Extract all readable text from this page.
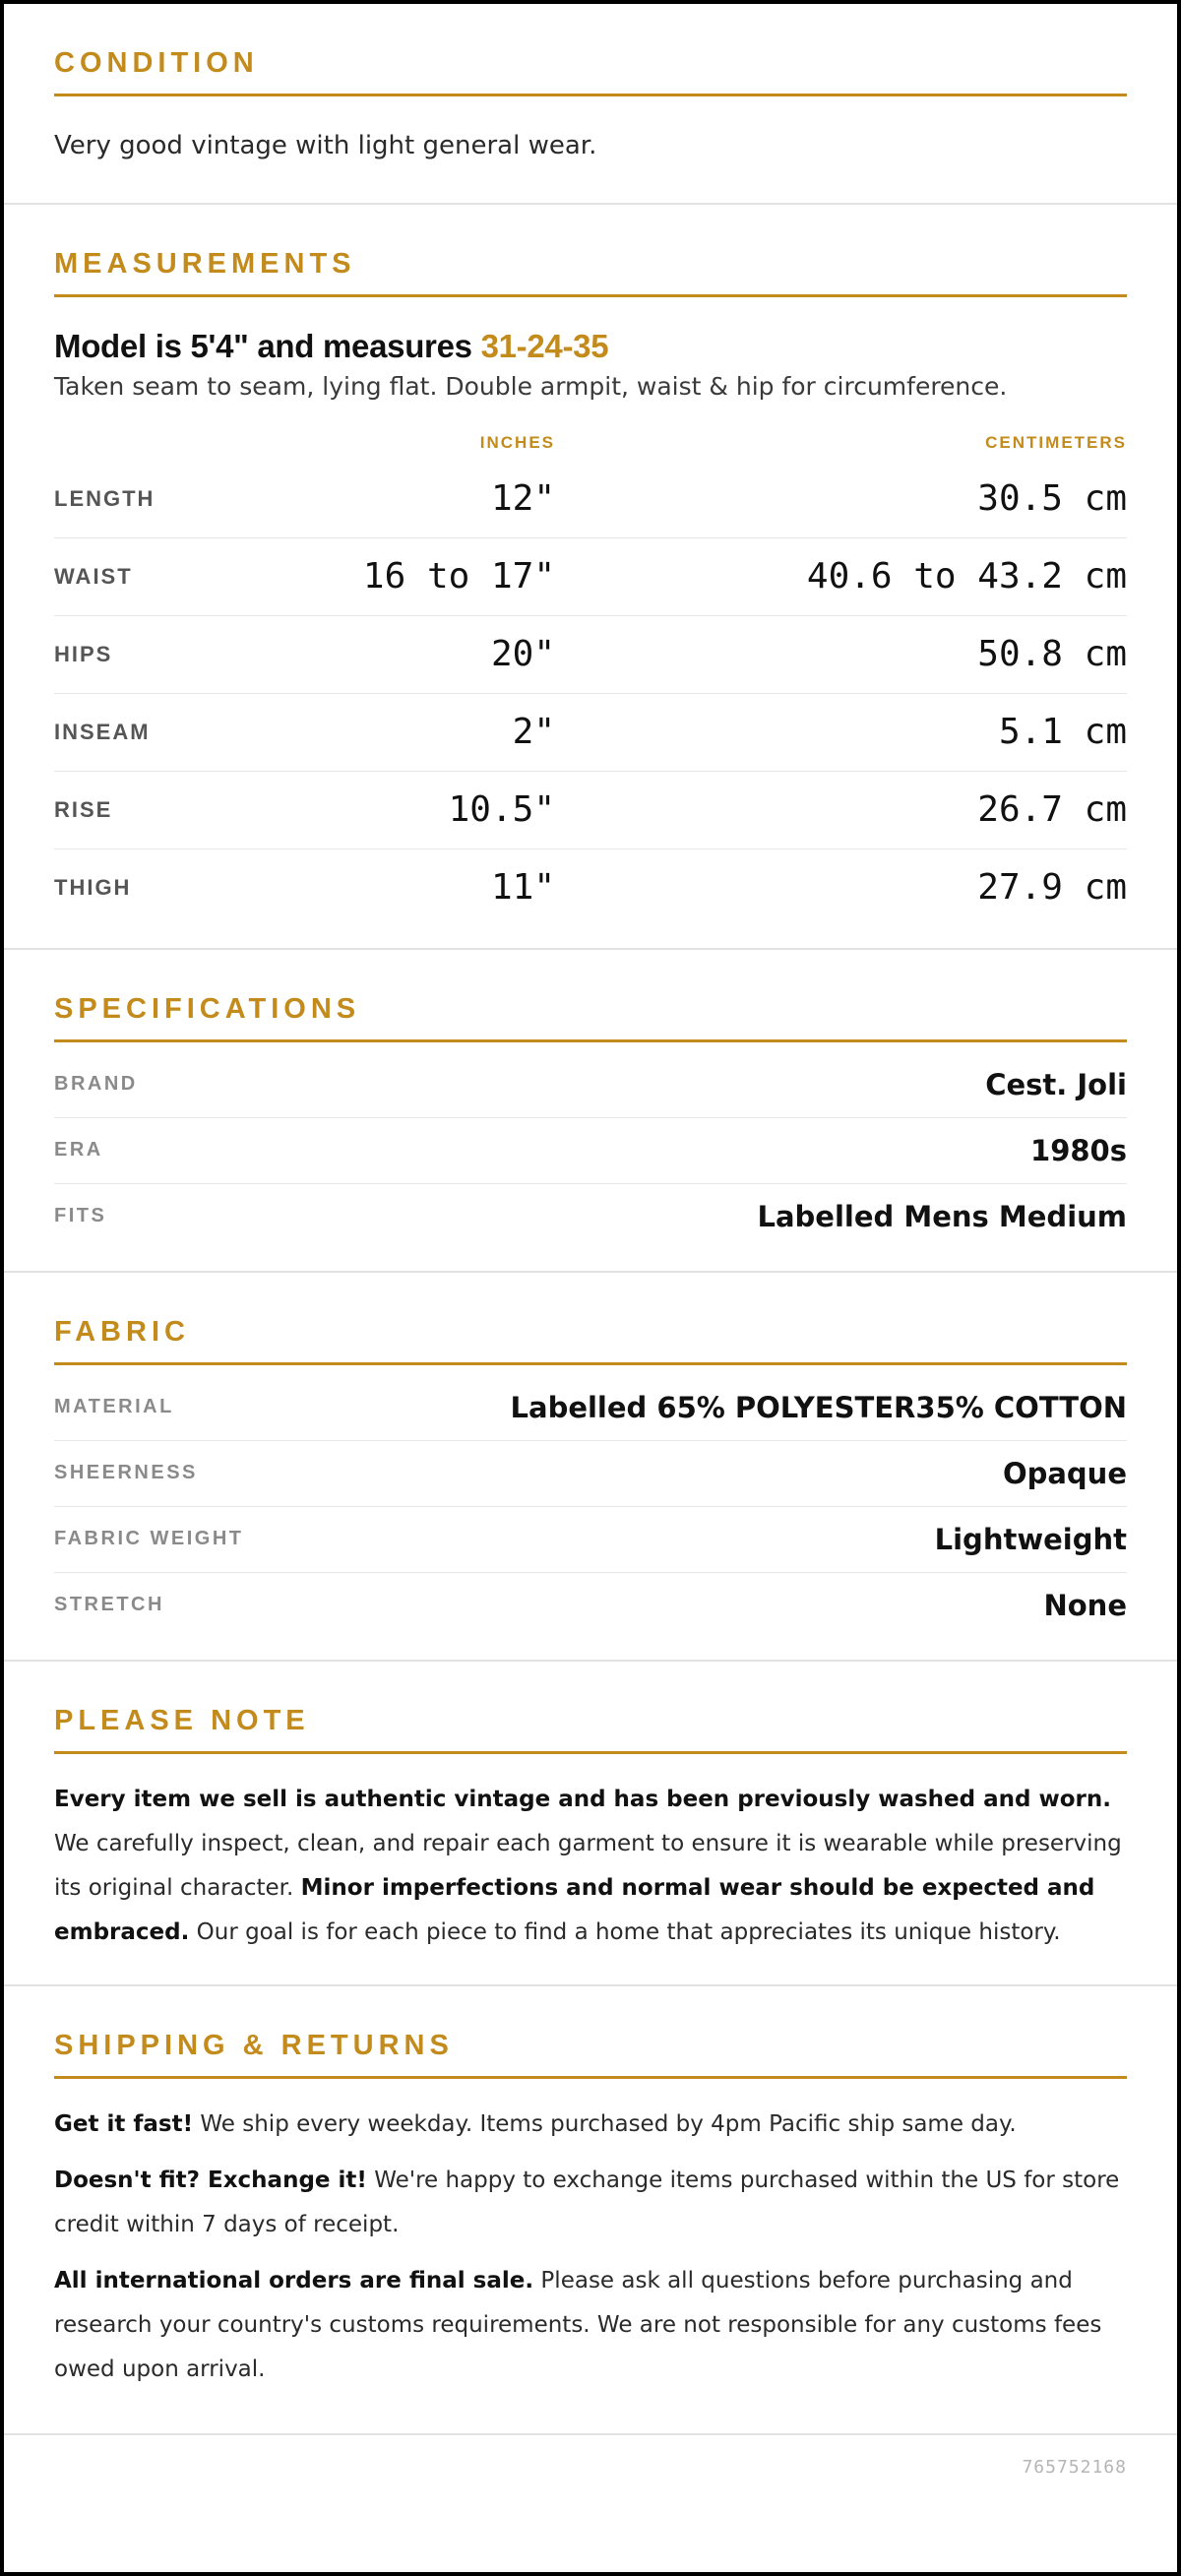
CONDITION

Very good vintage with light general wear.

MEASUREMENTS
Model is 5'4" and measures 31-24-35

Taken seam to seam, lying flat. Double armpit, waist & hip for circumference.

INCHES	CENTIMETERS
LENGTH	12"	30.5 cm
WAIST	16 to 17"	40.6 to 43.2 cm
HIPS	20"	50.8 cm
INSEAM	2"	5.1 cm
RISE	10.5"	26.7 cm
THIGH	11"	27.9 cm
SPECIFICATIONS
BRAND	Cest. Joli
ERA	1980s
FITS	Labelled Mens Medium
FABRIC
MATERIAL	Labelled 65% POLYESTER35% COTTON
SHEERNESS	Opaque
FABRIC WEIGHT	Lightweight
STRETCH	None
PLEASE NOTE

Every item we sell is authentic vintage and has been previously washed and worn. We carefully inspect, clean, and repair each garment to ensure it is wearable while preserving its original character. Minor imperfections and normal wear should be expected and embraced. Our goal is for each piece to find a home that appreciates its unique history.

SHIPPING & RETURNS

Get it fast! We ship every weekday. Items purchased by 4pm Pacific ship same day.

Doesn't fit? Exchange it! We're happy to exchange items purchased within the US for store credit within 7 days of receipt.

All international orders are final sale. Please ask all questions before purchasing and research your country's customs requirements. We are not responsible for any customs fees owed upon arrival.

765752168
